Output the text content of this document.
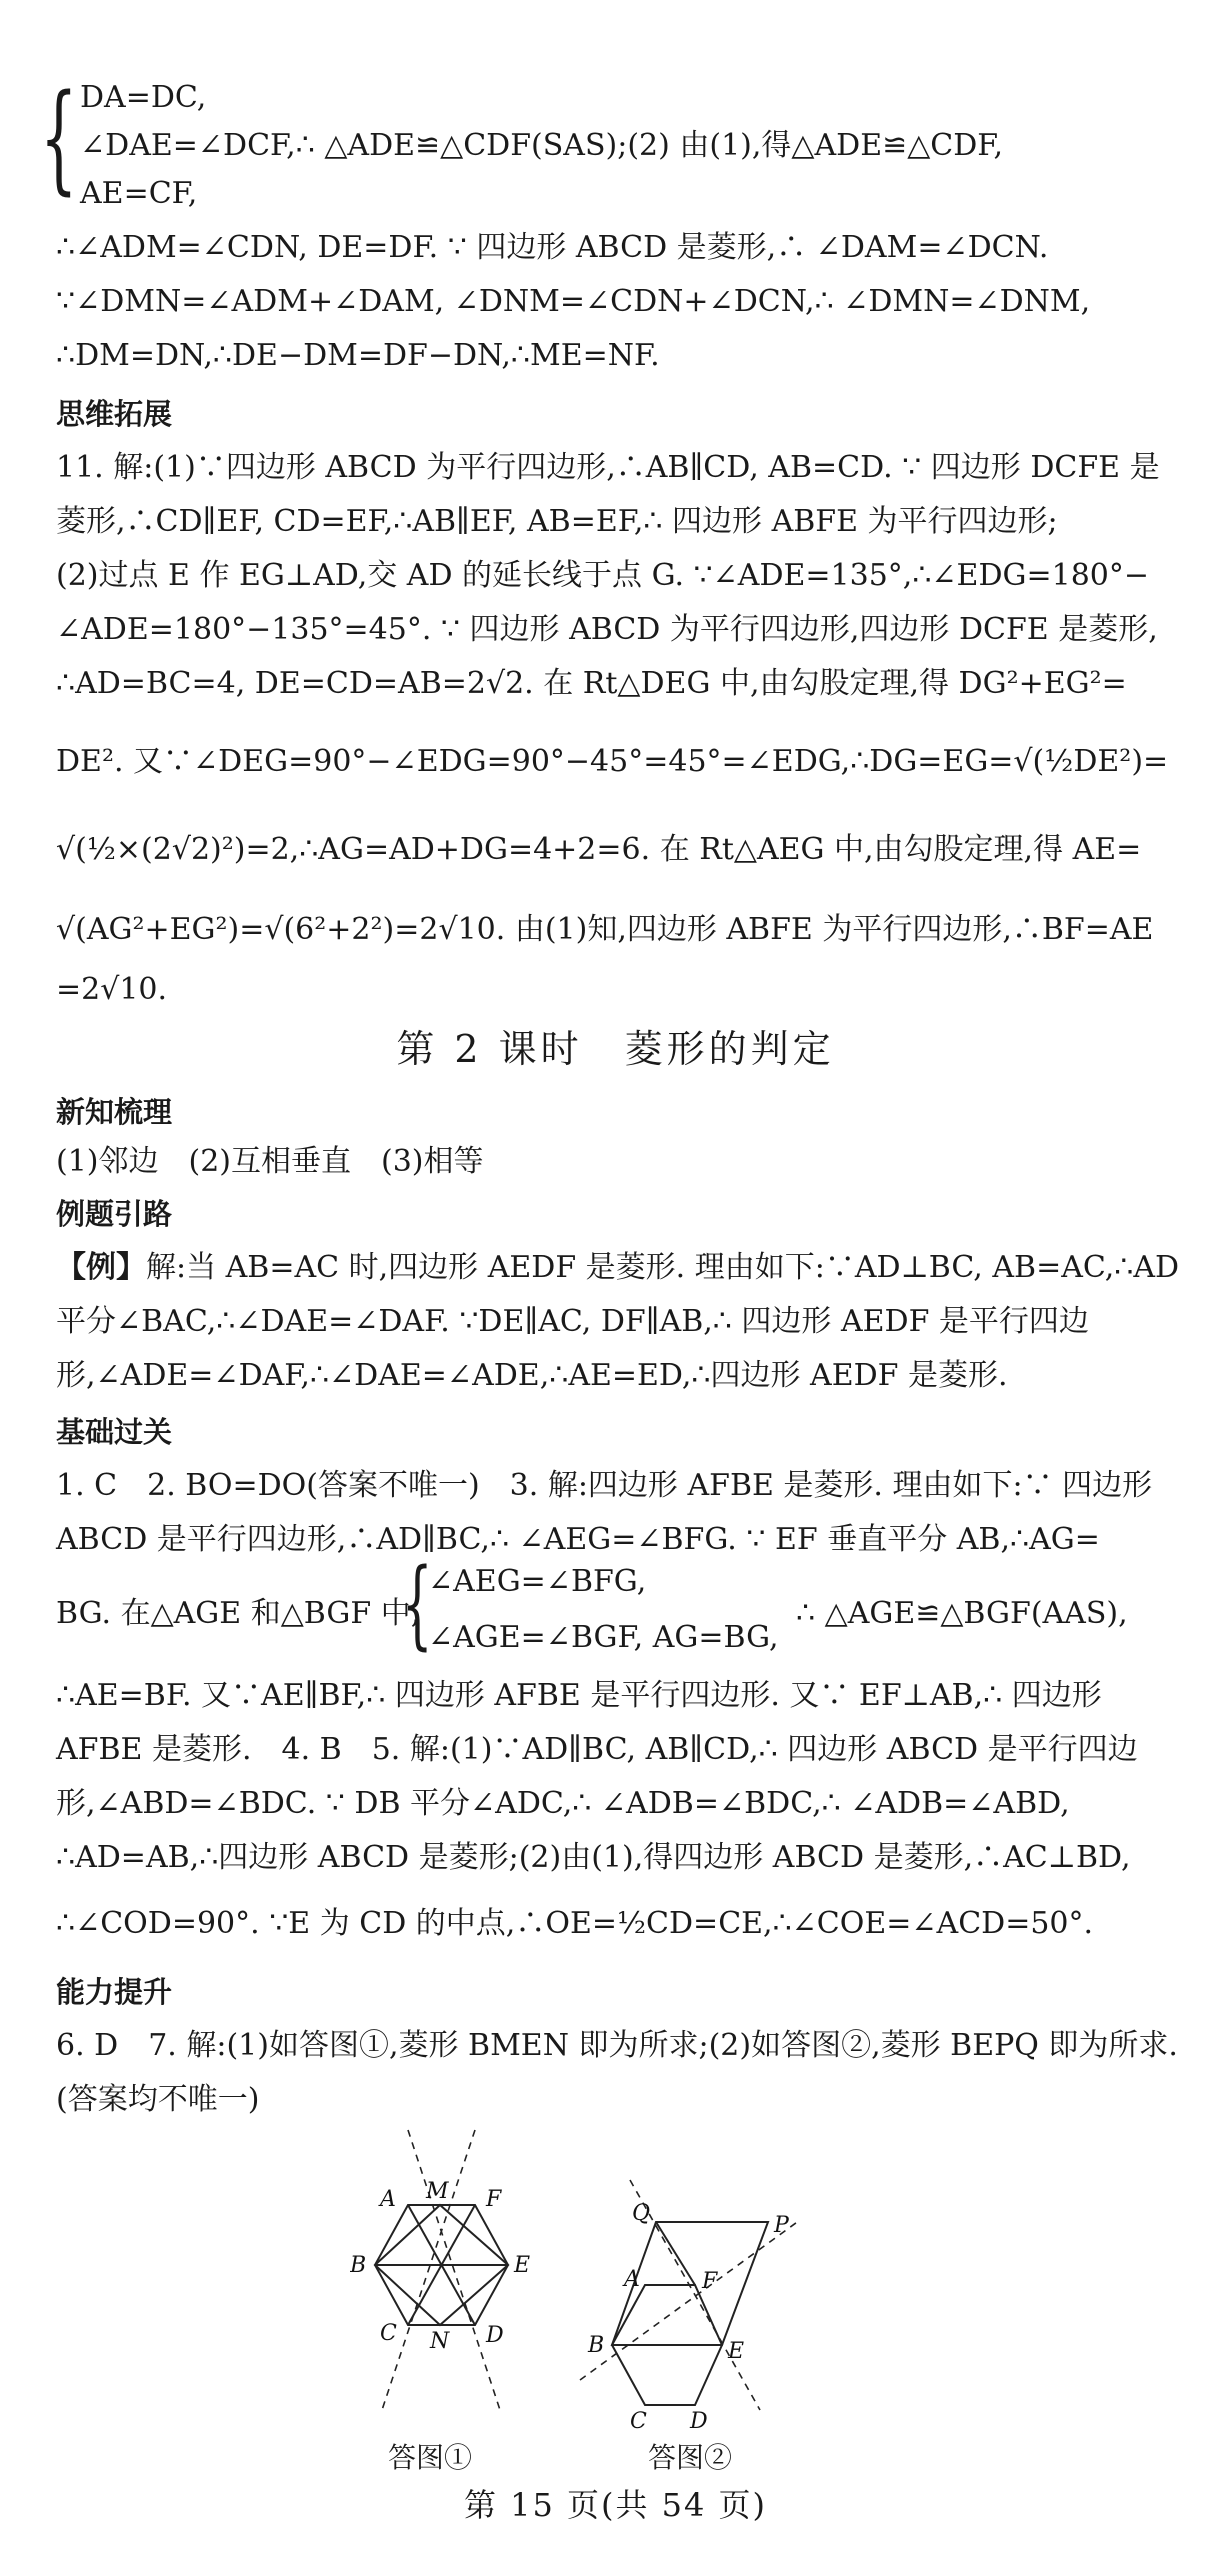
{ DA=DC,
∠DAE=∠DCF,∴ △ADE≌△CDF(SAS);(2) 由(1),得△ADE≌△CDF,
AE=CF,
∴∠ADM=∠CDN, DE=DF. ∵ 四边形 ABCD 是菱形,∴ ∠DAM=∠DCN.
∵∠DMN=∠ADM+∠DAM, ∠DNM=∠CDN+∠DCN,∴ ∠DMN=∠DNM,
∴DM=DN,∴DE−DM=DF−DN,∴ME=NF.
思维拓展
11. 解:(1)∵四边形 ABCD 为平行四边形,∴AB∥CD, AB=CD. ∵ 四边形 DCFE 是
菱形,∴CD∥EF, CD=EF,∴AB∥EF, AB=EF,∴ 四边形 ABFE 为平行四边形;
(2)过点 E 作 EG⊥AD,交 AD 的延长线于点 G. ∵∠ADE=135°,∴∠EDG=180°−
∠ADE=180°−135°=45°. ∵ 四边形 ABCD 为平行四边形,四边形 DCFE 是菱形,
∴AD=BC=4, DE=CD=AB=2√2. 在 Rt△DEG 中,由勾股定理,得 DG²+EG²=
DE². 又∵∠DEG=90°−∠EDG=90°−45°=45°=∠EDG,∴DG=EG=√(½DE²)=
√(½×(2√2)²)=2,∴AG=AD+DG=4+2=6. 在 Rt△AEG 中,由勾股定理,得 AE=
√(AG²+EG²)=√(6²+2²)=2√10. 由(1)知,四边形 ABFE 为平行四边形,∴BF=AE
=2√10.
第 2 课时　菱形的判定
新知梳理
(1)邻边　(2)互相垂直　(3)相等
例题引路
【例】解:当 AB=AC 时,四边形 AEDF 是菱形. 理由如下:∵AD⊥BC, AB=AC,∴AD
平分∠BAC,∴∠DAE=∠DAF. ∵DE∥AC, DF∥AB,∴ 四边形 AEDF 是平行四边
形,∠ADE=∠DAF,∴∠DAE=∠ADE,∴AE=ED,∴四边形 AEDF 是菱形.
基础过关
1. C　2. BO=DO(答案不唯一)　3. 解:四边形 AFBE 是菱形. 理由如下:∵ 四边形
ABCD 是平行四边形,∴AD∥BC,∴ ∠AEG=∠BFG. ∵ EF 垂直平分 AB,∴AG=
BG. 在△AGE 和△BGF 中,
{
∠AEG=∠BFG,
∠AGE=∠BGF, AG=BG,
∴ △AGE≌△BGF(AAS),
∴AE=BF. 又∵AE∥BF,∴ 四边形 AFBE 是平行四边形. 又∵ EF⊥AB,∴ 四边形
AFBE 是菱形.　4. B　5. 解:(1)∵AD∥BC, AB∥CD,∴ 四边形 ABCD 是平行四边
形,∠ABD=∠BDC. ∵ DB 平分∠ADC,∴ ∠ADB=∠BDC,∴ ∠ADB=∠ABD,
∴AD=AB,∴四边形 ABCD 是菱形;(2)由(1),得四边形 ABCD 是菱形,∴AC⊥BD,
∴∠COD=90°. ∵E 为 CD 的中点,∴OE=½CD=CE,∴∠COE=∠ACD=50°.
能力提升
6. D　7. 解:(1)如答图①,菱形 BMEN 即为所求;(2)如答图②,菱形 BEPQ 即为所求.
(答案均不唯一)
A M F
B	E
C N D
答图①
Q	P
A	F
B	E
C D
答图②
第 15 页(共 54 页)
